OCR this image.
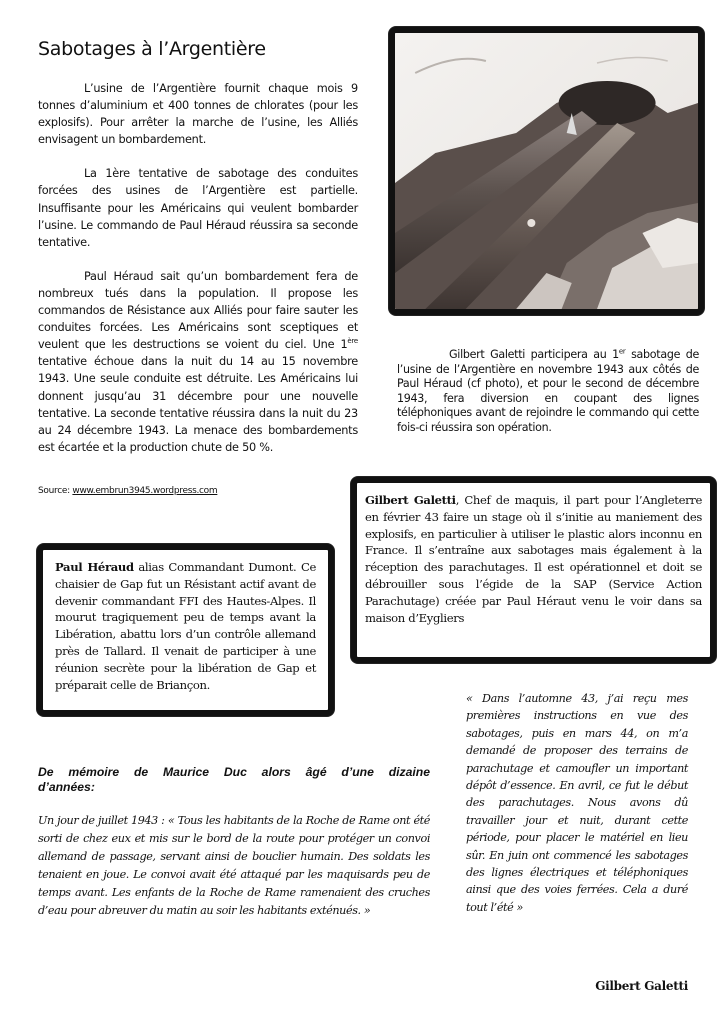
Sabotages à l’Argentière

L’usine de l’Argentière fournit chaque mois 9 tonnes d’aluminium et 400 tonnes de chlorates (pour les explosifs). Pour arrêter la marche de l’usine, les Alliés envisagent un bombardement.

La 1ère tentative de sabotage des conduites forcées des usines de l’Argentière est partielle. Insuffisante pour les Américains qui veulent bombarder l’usine. Le commando de Paul Héraud réussira sa seconde tentative.

Paul Héraud sait qu’un bombardement fera de nombreux tués dans la population. Il propose les commandos de Résistance aux Alliés pour faire sauter les conduites forcées. Les Américains sont sceptiques et veulent que les destructions se voient du ciel. Une 1ère tentative échoue dans la nuit du 14 au 15 novembre 1943. Une seule conduite est détruite. Les Américains lui donnent jusqu’au 31 décembre pour une nouvelle tentative. La seconde tentative réussira dans la nuit du 23 au 24 décembre 1943. La menace des bombardements est écartée et la production chute de 50 %.

Source: www.embrun3945.wordpress.com

Gilbert Galetti participera au 1er sabotage de l’usine de l’Argentière en novembre 1943 aux côtés de Paul Héraud (cf photo), et pour le second de décembre 1943, fera diversion en coupant des lignes téléphoniques avant de rejoindre le commando qui cette fois-ci réussira son opération.

Gilbert Galetti, Chef de maquis, il part pour l’Angleterre en février 43 faire un stage où il s’initie au maniement des explosifs, en particulier à utiliser le plastic alors inconnu en France. Il s’entraîne aux sabotages mais également à la réception des parachutages. Il est opérationnel et doit se débrouiller sous l’égide de la SAP (Service Action Parachutage) créée par Paul Héraut venu le voir dans sa maison d’Eygliers

Paul Héraud alias Commandant Dumont. Ce chaisier de Gap fut un Résistant actif avant de devenir commandant FFI des Hautes-Alpes. Il mourut tragiquement peu de temps avant la Libération, abattu lors d’un contrôle allemand près de Tallard. Il venait de participer à une réunion secrète pour la libération de Gap et préparait celle de Briançon.

De mémoire de Maurice Duc alors âgé d’une dizaine d’années:
Un jour de juillet 1943 : « Tous les habitants de la Roche de Rame ont été sorti de chez eux et mis sur le bord de la route pour protéger un convoi allemand de passage, servant ainsi de bouclier humain. Des soldats les tenaient en joue. Le convoi avait été attaqué par les maquisards peu de temps avant. Les enfants de la Roche de Rame ramenaient des cruches d’eau pour abreuver du matin au soir les habitants exténués. »
« Dans l’automne 43, j’ai reçu mes premières instructions en vue des sabotages, puis en mars 44, on m’a demandé de proposer des terrains de parachutage et camoufler un important dépôt d’essence. En avril, ce fut le début des parachutages. Nous avons dû travailler jour et nuit, durant cette période, pour placer le matériel en lieu sûr. En juin ont commencé les sabotages des lignes électriques et téléphoniques ainsi que des voies ferrées. Cela a duré tout l’été »
Gilbert Galetti
